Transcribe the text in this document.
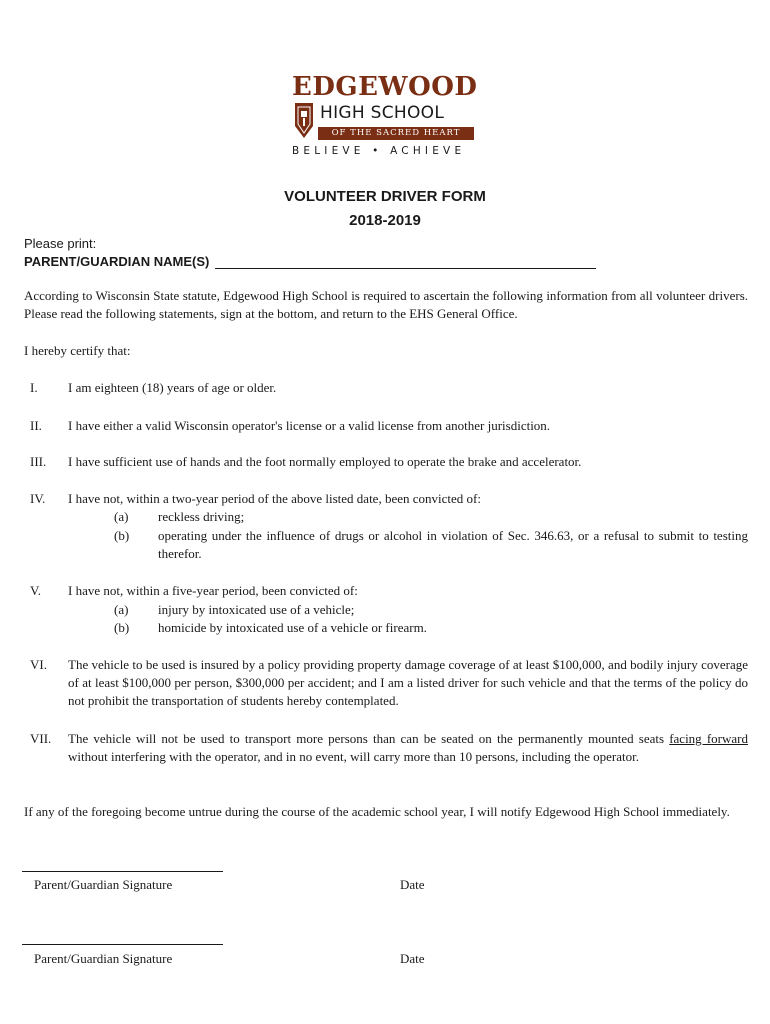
EDGEWOOD
HIGH SCHOOL
OF THE SACRED HEART
BELIEVE • ACHIEVE
VOLUNTEER DRIVER FORM
2018-2019
Please print:
PARENT/GUARDIAN NAME(S)
According to Wisconsin State statute, Edgewood High School is required to ascertain the following information from all volunteer drivers. Please read the following statements, sign at the bottom, and return to the EHS General Office.
I hereby certify that:
I. I am eighteen (18) years of age or older.
II. I have either a valid Wisconsin operator's license or a valid license from another jurisdiction.
III. I have sufficient use of hands and the foot normally employed to operate the brake and accelerator.
IV. I have not, within a two-year period of the above listed date, been convicted of:
(a) reckless driving;
(b) operating under the influence of drugs or alcohol in violation of Sec. 346.63, or a refusal to submit to testing therefor.
V. I have not, within a five-year period, been convicted of:
(a) injury by intoxicated use of a vehicle;
(b) homicide by intoxicated use of a vehicle or firearm.
VI. The vehicle to be used is insured by a policy providing property damage coverage of at least $100,000, and bodily injury coverage of at least $100,000 per person, $300,000 per accident; and I am a listed driver for such vehicle and that the terms of the policy do not prohibit the transportation of students hereby contemplated.
VII. The vehicle will not be used to transport more persons than can be seated on the permanently mounted seats facing forward without interfering with the operator, and in no event, will carry more than 10 persons, including the operator.
If any of the foregoing become untrue during the course of the academic school year, I will notify Edgewood High School immediately.
Parent/Guardian Signature	Date
Parent/Guardian Signature	Date
